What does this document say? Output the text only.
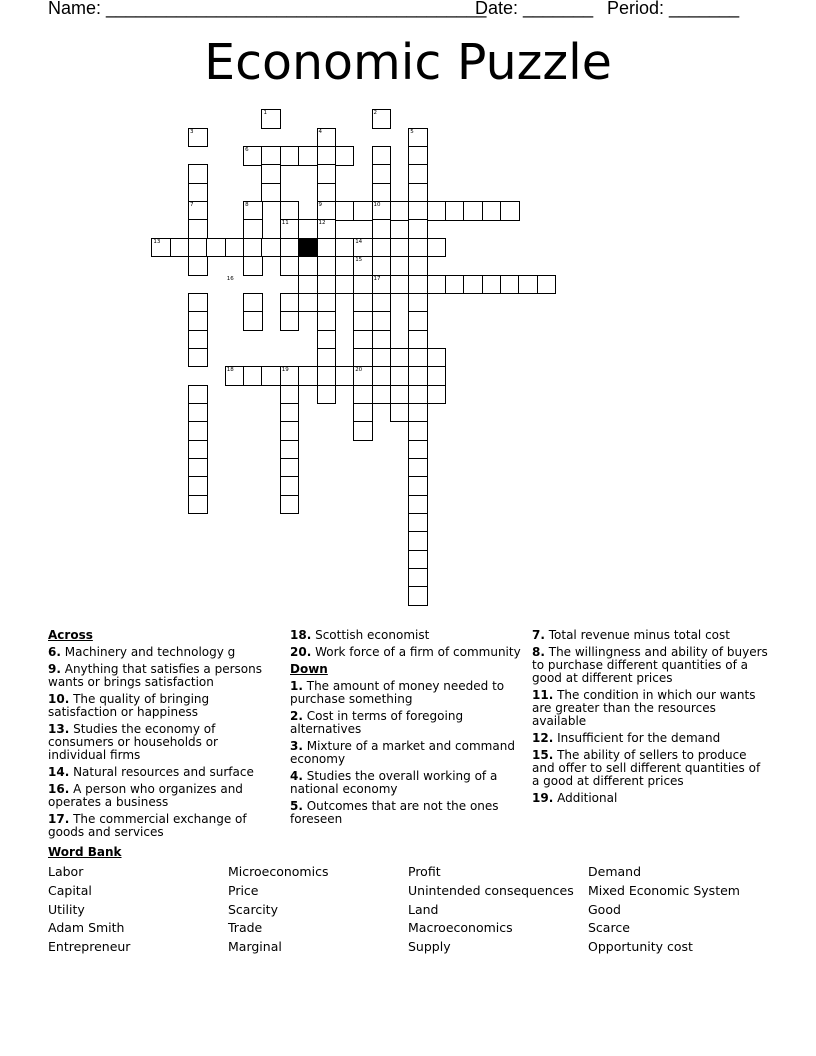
Name: ______________________________________
Date: _______ Period: _______
Economic Puzzle
1	2
3	4	5
6
7	8	9	10
11	12
13	14
15
16	17
18	19	20
Across
6. Machinery and technology g
9. Anything that satisfies a persons wants or brings satisfaction
10. The quality of bringing satisfaction or happiness
13. Studies the economy of consumers or households or individual firms
14. Natural resources and surface
16. A person who organizes and operates a business
17. The commercial exchange of goods and services
18. Scottish economist
20. Work force of a firm of community
Down
1. The amount of money needed to purchase something
2. Cost in terms of foregoing alternatives
3. Mixture of a market and command economy
4. Studies the overall working of a national economy
5. Outcomes that are not the ones foreseen
7. Total revenue minus total cost
8. The willingness and ability of buyers to purchase different quantities of a good at different prices
11. The condition in which our wants are greater than the resources available
12. Insufficient for the demand
15. The ability of sellers to produce and offer to sell different quantities of a good at different prices
19. Additional
Word Bank
Labor
Capital
Utility
Adam Smith
Entrepreneur
Microeconomics
Price
Scarcity
Trade
Marginal
Profit
Unintended consequences
Land
Macroeconomics
Supply
Demand
Mixed Economic System
Good
Scarce
Opportunity cost
